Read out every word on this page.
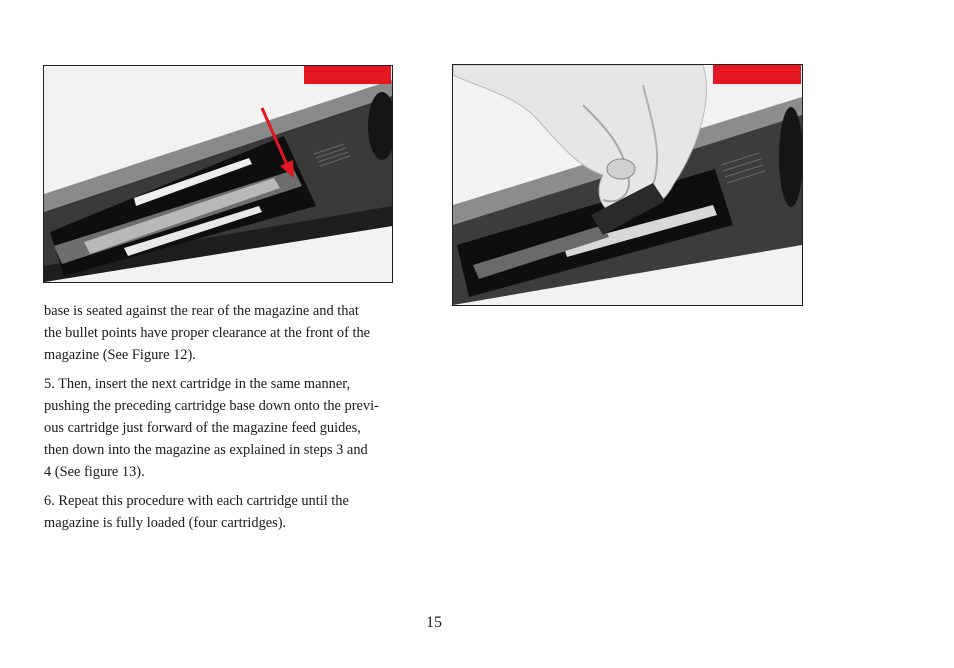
base is seated against the rear of the magazine and that
the bullet points have proper clearance at the front of the
magazine (See Figure 12).

5. Then, insert the next cartridge in the same manner,
pushing the preceding cartridge base down onto the previ-
ous cartridge just forward of the magazine feed guides,
then down into the magazine as explained in steps 3 and
4 (See figure 13).

6. Repeat this procedure with each cartridge until the
magazine is fully loaded (four cartridges).

15
